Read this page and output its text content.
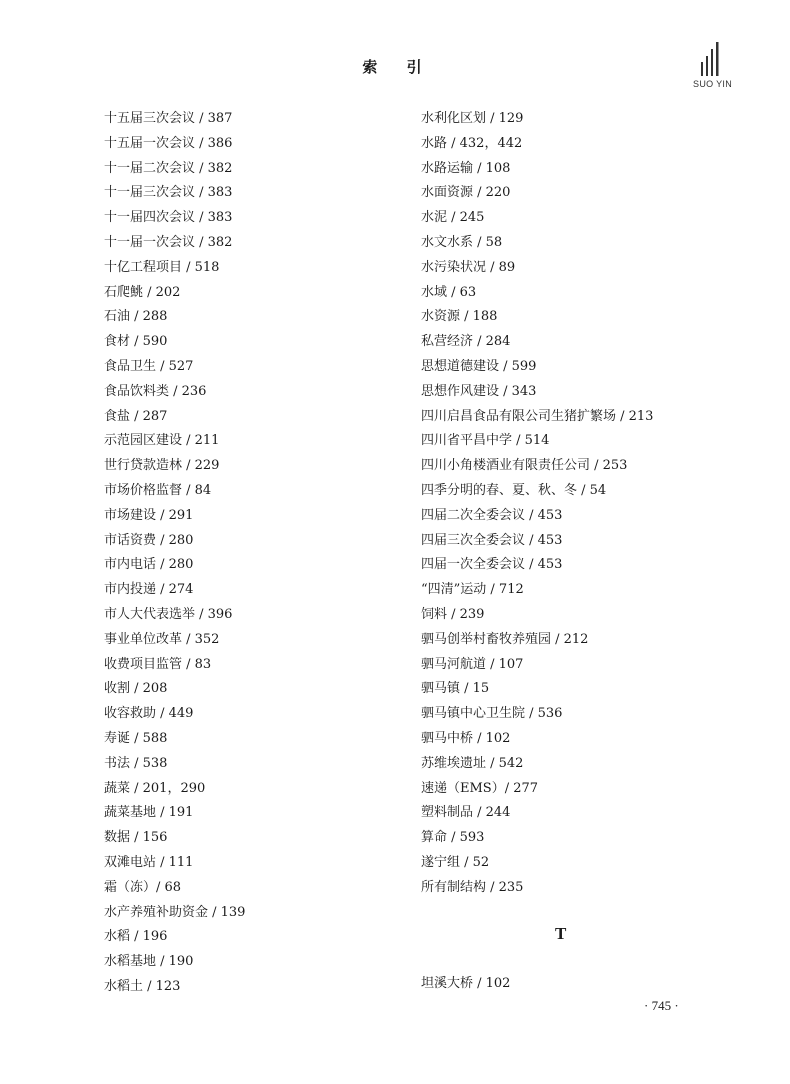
索 引
SUO YIN
十五届三次会议 / 387
十五届一次会议 / 386
十一届二次会议 / 382
十一届三次会议 / 383
十一届四次会议 / 383
十一届一次会议 / 382
十亿工程项目 / 518
石爬鮡 / 202
石油 / 288
食材 / 590
食品卫生 / 527
食品饮料类 / 236
食盐 / 287
示范园区建设 / 211
世行贷款造林 / 229
市场价格监督 / 84
市场建设 / 291
市话资费 / 280
市内电话 / 280
市内投递 / 274
市人大代表选举 / 396
事业单位改革 / 352
收费项目监管 / 83
收割 / 208
收容救助 / 449
寿诞 / 588
书法 / 538
蔬菜 / 201，290
蔬菜基地 / 191
数据 / 156
双滩电站 / 111
霜（冻）/ 68
水产养殖补助资金 / 139
水稻 / 196
水稻基地 / 190
水稻土 / 123
水利化区划 / 129
水路 / 432，442
水路运输 / 108
水面资源 / 220
水泥 / 245
水文水系 / 58
水污染状况 / 89
水域 / 63
水资源 / 188
私营经济 / 284
思想道德建设 / 599
思想作风建设 / 343
四川启昌食品有限公司生猪扩繁场 / 213
四川省平昌中学 / 514
四川小角楼酒业有限责任公司 / 253
四季分明的春、夏、秋、冬 / 54
四届二次全委会议 / 453
四届三次全委会议 / 453
四届一次全委会议 / 453
“四清”运动 / 712
饲料 / 239
驷马创举村畜牧养殖园 / 212
驷马河航道 / 107
驷马镇 / 15
驷马镇中心卫生院 / 536
驷马中桥 / 102
苏维埃遗址 / 542
速递（EMS）/ 277
塑料制品 / 244
算命 / 593
遂宁组 / 52
所有制结构 / 235
T
坦溪大桥 / 102
· 745 ·
